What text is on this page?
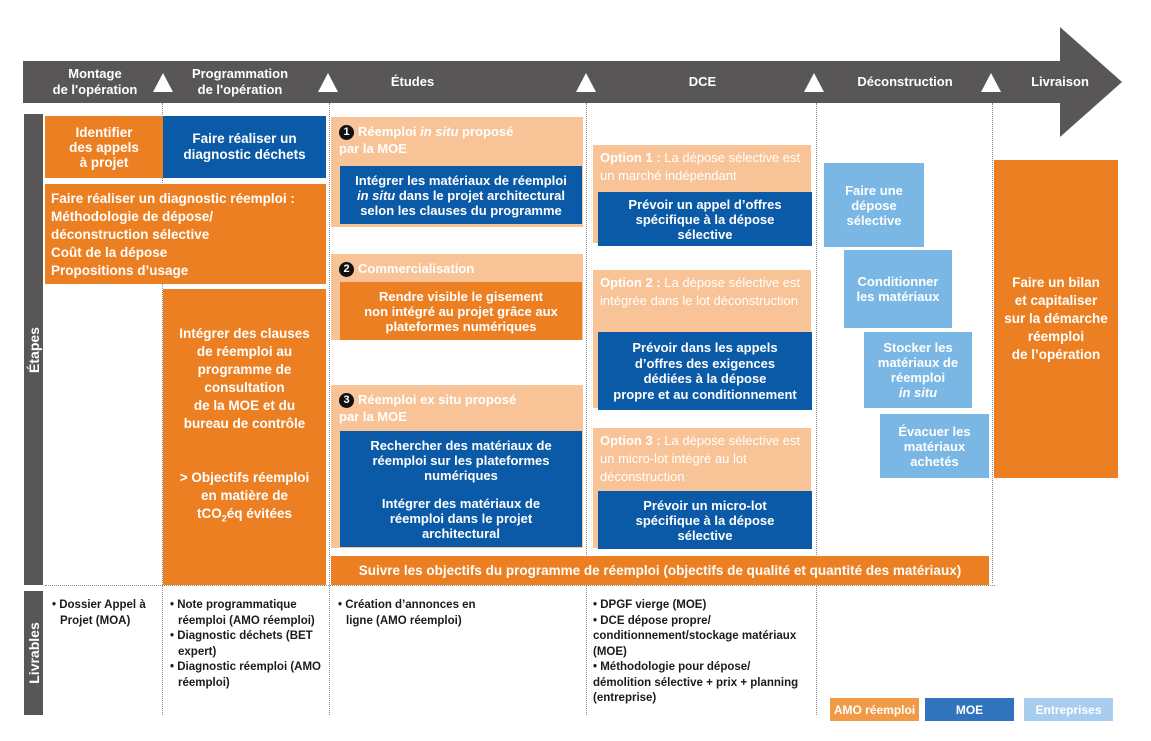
Montage
de l'opération
Programmation
de l'opération
Études	DCE	Déconstruction	Livraison
Étapes
Livrables
Identifier
des appels
à projet
Faire réaliser un diagnostic réemploi :
Méthodologie de dépose/
déconstruction sélective
Coût de la dépose
Propositions d’usage
Faire réaliser un
diagnostic déchets
Intégrer des clauses
de réemploi au
programme de
consultation
de la MOE et du
bureau de contrôle
> Objectifs réemploi
en matière de
tCO$_2$éq évitées
1 Réemploi in situ proposé
par la MOE
Intégrer les matériaux de réemploi
in situ dans le projet architectural
selon les clauses du programme
2 Commercialisation
Rendre visible le gisement
non intégré au projet grâce aux
plateformes numériques
3 Réemploi ex situ proposé
par la MOE
Rechercher des matériaux de
réemploi sur les plateformes
numériques
Intégrer des matériaux de
réemploi dans le projet
architectural
Suivre les objectifs du programme de réemploi (objectifs de qualité et quantité des matériaux)
Option 1 : La dépose sélective est un marché indépendant
Prévoir un appel d’offres
spécifique à la dépose
sélective
Option 2 : La dépose sélective est intégrée dans le lot déconstruction
Prévoir dans les appels
d’offres des exigences
dédiées à la dépose
propre et au conditionnement
Option 3 : La dépose sélective est un micro-lot intégré au lot déconstruction
Prévoir un micro-lot
spécifique à la dépose
sélective
Faire une
dépose
sélective
Conditionner
les matériaux
Stocker les
matériaux de
réemploi
in situ
Évacuer les
matériaux
achetés
Faire un bilan
et capitaliser
sur la démarche
réemploi
de l’opération
• Dossier Appel à Projet (MOA)
• Note programmatique réemploi (AMO réemploi)
• Diagnostic déchets (BET expert)
• Diagnostic réemploi (AMO réemploi)
• Création d’annonces en ligne (AMO réemploi)
• DPGF vierge (MOE)
• DCE dépose propre/ conditionnement/stockage matériaux (MOE)
• Méthodologie pour dépose/ démolition sélective + prix + planning (entreprise)
AMO réemploi	MOE	Entreprises
